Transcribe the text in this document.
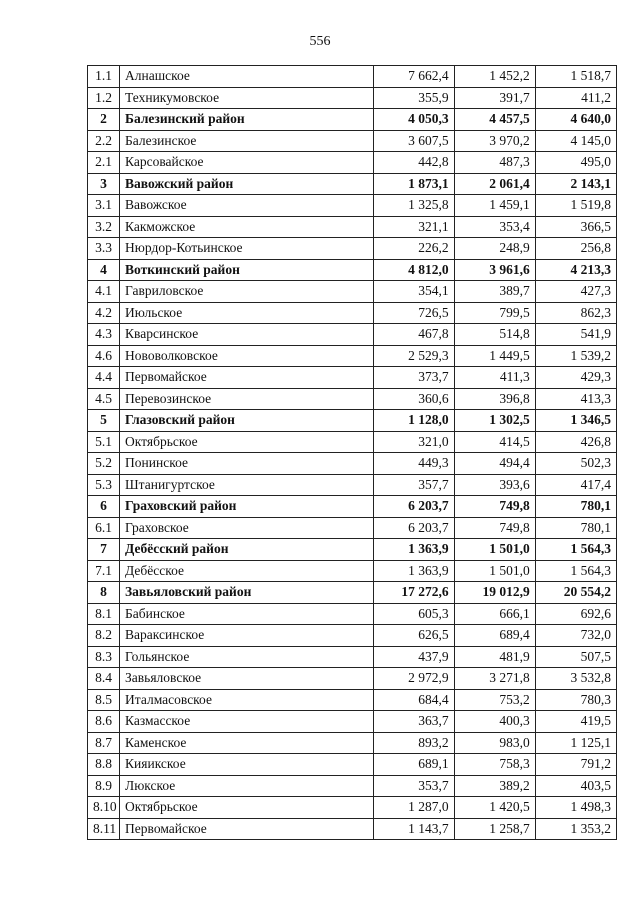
556
1.1	Алнашское	7 662,4	1 452,2	1 518,7
1.2	Техникумовское	355,9	391,7	411,2
2	Балезинский район	4 050,3	4 457,5	4 640,0
2.2	Балезинское	3 607,5	3 970,2	4 145,0
2.1	Карсовайское	442,8	487,3	495,0
3	Вавожский район	1 873,1	2 061,4	2 143,1
3.1	Вавожское	1 325,8	1 459,1	1 519,8
3.2	Какможское	321,1	353,4	366,5
3.3	Нюрдор-Котьинское	226,2	248,9	256,8
4	Воткинский район	4 812,0	3 961,6	4 213,3
4.1	Гавриловское	354,1	389,7	427,3
4.2	Июльское	726,5	799,5	862,3
4.3	Кварсинское	467,8	514,8	541,9
4.6	Нововолковское	2 529,3	1 449,5	1 539,2
4.4	Первомайское	373,7	411,3	429,3
4.5	Перевозинское	360,6	396,8	413,3
5	Глазовский район	1 128,0	1 302,5	1 346,5
5.1	Октябрьское	321,0	414,5	426,8
5.2	Понинское	449,3	494,4	502,3
5.3	Штанигуртское	357,7	393,6	417,4
6	Граховский район	6 203,7	749,8	780,1
6.1	Граховское	6 203,7	749,8	780,1
7	Дебёсский район	1 363,9	1 501,0	1 564,3
7.1	Дебёсское	1 363,9	1 501,0	1 564,3
8	Завьяловский район	17 272,6	19 012,9	20 554,2
8.1	Бабинское	605,3	666,1	692,6
8.2	Вараксинское	626,5	689,4	732,0
8.3	Гольянское	437,9	481,9	507,5
8.4	Завьяловское	2 972,9	3 271,8	3 532,8
8.5	Италмасовское	684,4	753,2	780,3
8.6	Казмасское	363,7	400,3	419,5
8.7	Каменское	893,2	983,0	1 125,1
8.8	Кияикское	689,1	758,3	791,2
8.9	Люкское	353,7	389,2	403,5
8.10	Октябрьское	1 287,0	1 420,5	1 498,3
8.11	Первомайское	1 143,7	1 258,7	1 353,2
